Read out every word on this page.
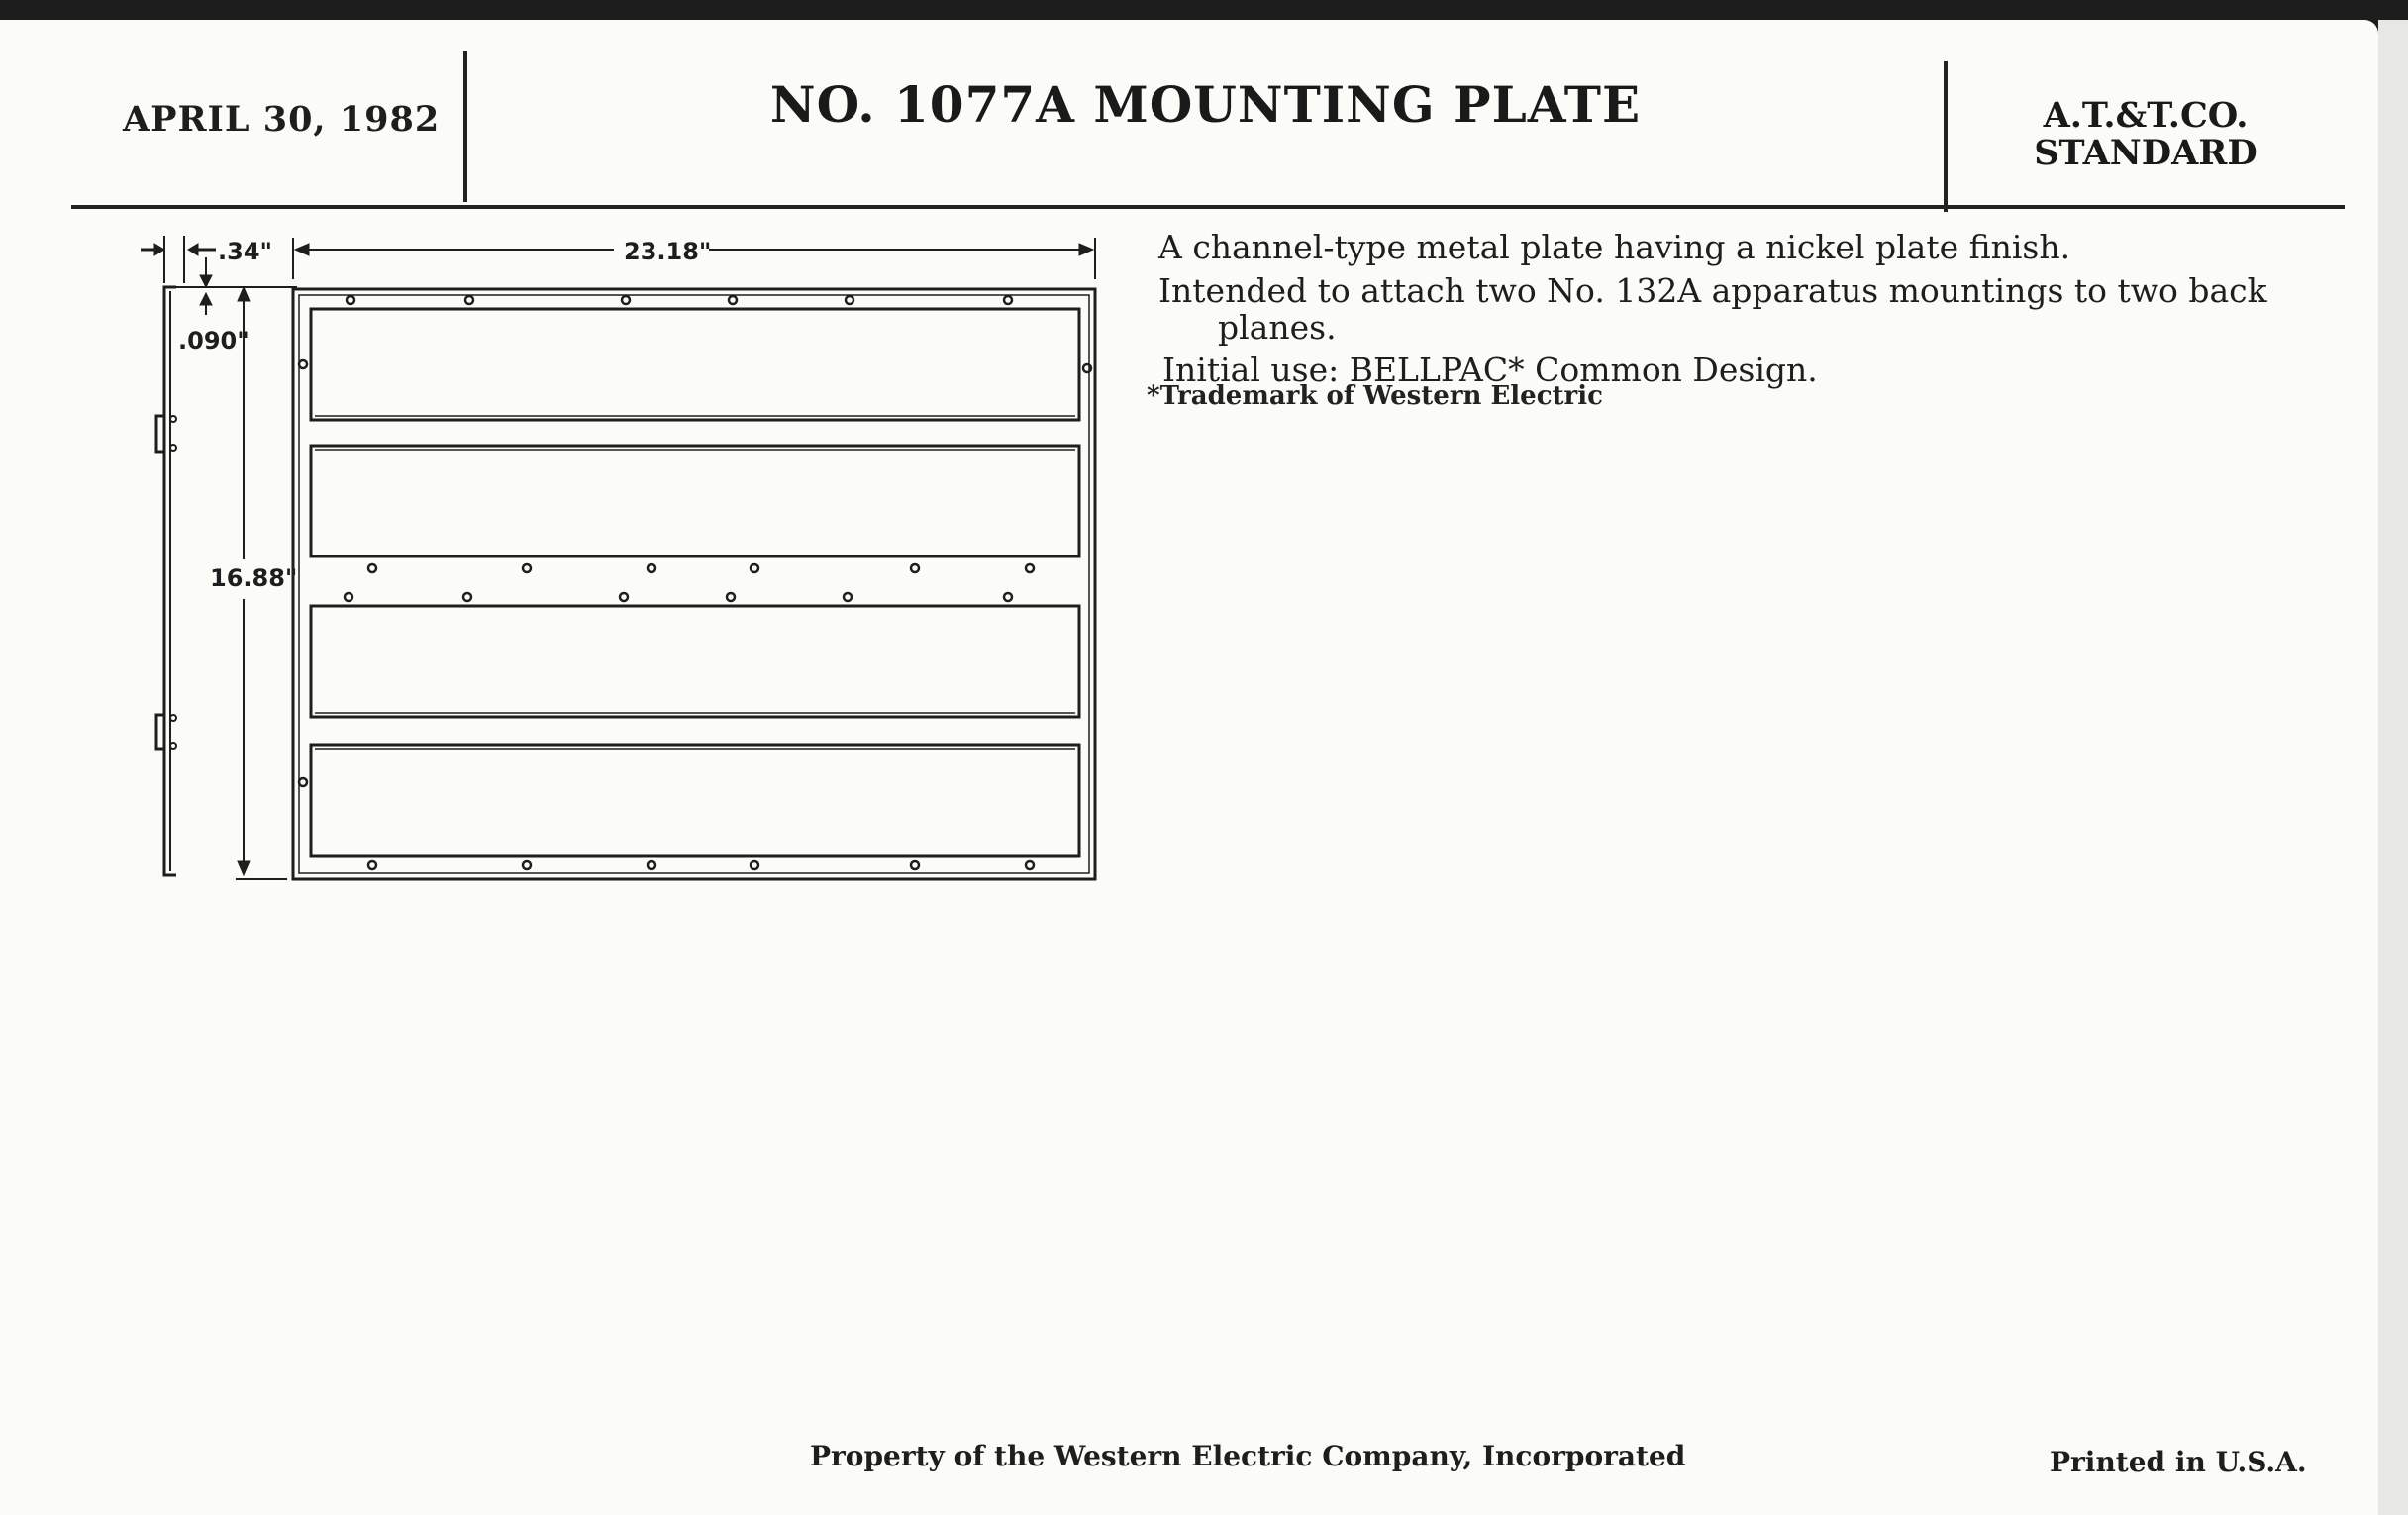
APRIL 30, 1982	NO. 1077A MOUNTING PLATE	A.T.&T.CO.
STANDARD
.34"
.090"
16.88"
23.18"	A channel-type metal plate having a nickel plate finish.

Intended to attach two No. 132A apparatus mountings to two back
planes.

Initial use: BELLPAC* Common Design.

*Trademark of Western Electric
Property of the Western Electric Company, Incorporated	Printed in U.S.A.
